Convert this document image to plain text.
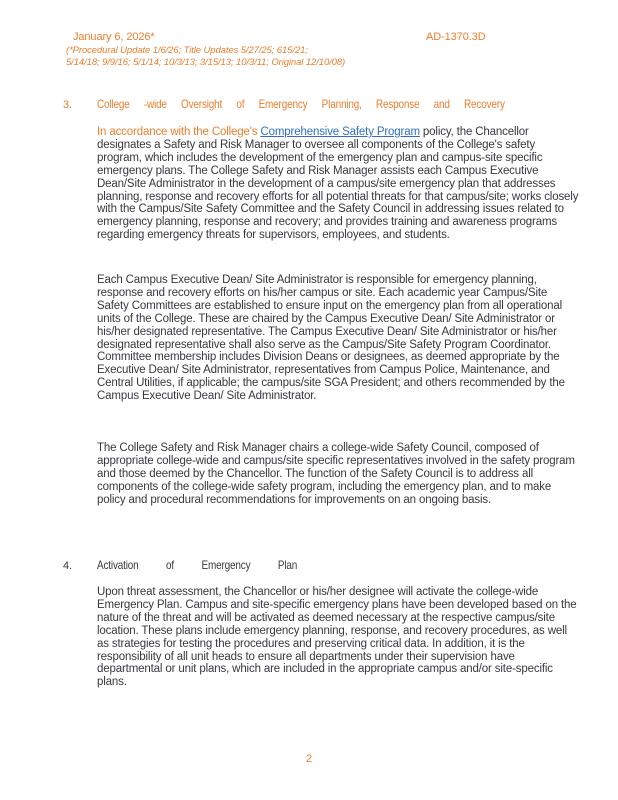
January 6, 2026*	AD-1370.3D
(*Procedural Update 1/6/26; Title Updates 5/27/25; 615/21;
5/14/18; 9/9/16; 5/1/14; 10/3/13; 3/15/13; 10/3/11; Original 12/10/08)
3.	College -wide Oversight of Emergency Planning, Response and Recovery
In accordance with the College's Comprehensive Safety Program policy, the Chancellor designates a Safety and Risk Manager to oversee all components of the College's safety program, which includes the development of the emergency plan and campus-site specific emergency plans. The College Safety and Risk Manager assists each Campus Executive Dean/Site Administrator in the development of a campus/site emergency plan that addresses planning, response and recovery efforts for all potential threats for that campus/site; works closely with the Campus/Site Safety Committee and the Safety Council in addressing issues related to emergency planning, response and recovery; and provides training and awareness programs regarding emergency threats for supervisors, employees, and students.
Each Campus Executive Dean/ Site Administrator is responsible for emergency planning, response and recovery efforts on his/her campus or site. Each academic year Campus/Site Safety Committees are established to ensure input on the emergency plan from all operational units of the College. These are chaired by the Campus Executive Dean/ Site Administrator or his/her designated representative. The Campus Executive Dean/ Site Administrator or his/her designated representative shall also serve as the Campus/Site Safety Program Coordinator. Committee membership includes Division Deans or designees, as deemed appropriate by the Executive Dean/ Site Administrator, representatives from Campus Police, Maintenance, and Central Utilities, if applicable; the campus/site SGA President; and others recommended by the Campus Executive Dean/ Site Administrator.
The College Safety and Risk Manager chairs a college-wide Safety Council, composed of appropriate college-wide and campus/site specific representatives involved in the safety program and those deemed by the Chancellor. The function of the Safety Council is to address all components of the college-wide safety program, including the emergency plan, and to make policy and procedural recommendations for improvements on an ongoing basis.
4.	Activation of Emergency Plan
Upon threat assessment, the Chancellor or his/her designee will activate the college-wide Emergency Plan. Campus and site-specific emergency plans have been developed based on the nature of the threat and will be activated as deemed necessary at the respective campus/site location. These plans include emergency planning, response, and recovery procedures, as well as strategies for testing the procedures and preserving critical data. In addition, it is the responsibility of all unit heads to ensure all departments under their supervision have departmental or unit plans, which are included in the appropriate campus and/or site-specific plans.
2
